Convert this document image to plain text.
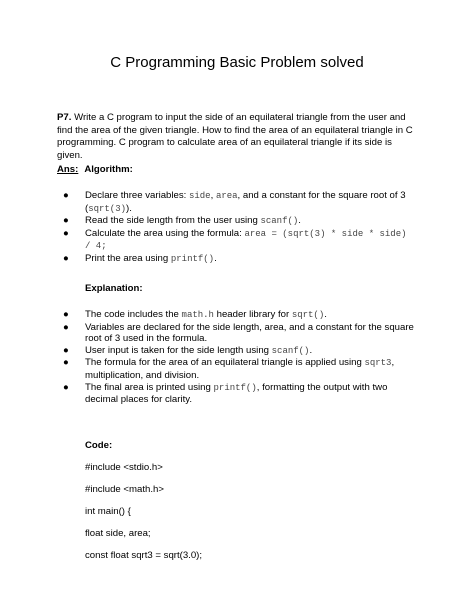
C Programming Basic Problem solved
P7. Write a C program to input the side of an equilateral triangle from the user and find the area of the given triangle. How to find the area of an equilateral triangle in C programming. C program to calculate area of an equilateral triangle if its side is given.
Ans: Algorithm:
● Declare three variables: side, area, and a constant for the square root of 3 (sqrt(3)).
● Read the side length from the user using scanf().
● Calculate the area using the formula: area = (sqrt(3) * side * side) / 4;
● Print the area using printf().
Explanation:
● The code includes the math.h header library for sqrt().
● Variables are declared for the side length, area, and a constant for the square root of 3 used in the formula.
● User input is taken for the side length using scanf().
● The formula for the area of an equilateral triangle is applied using sqrt3, multiplication, and division.
● The final area is printed using printf(), formatting the output with two decimal places for clarity.
Code:
#include <stdio.h>
#include <math.h>
int main() {
float side, area;
const float sqrt3 = sqrt(3.0);
